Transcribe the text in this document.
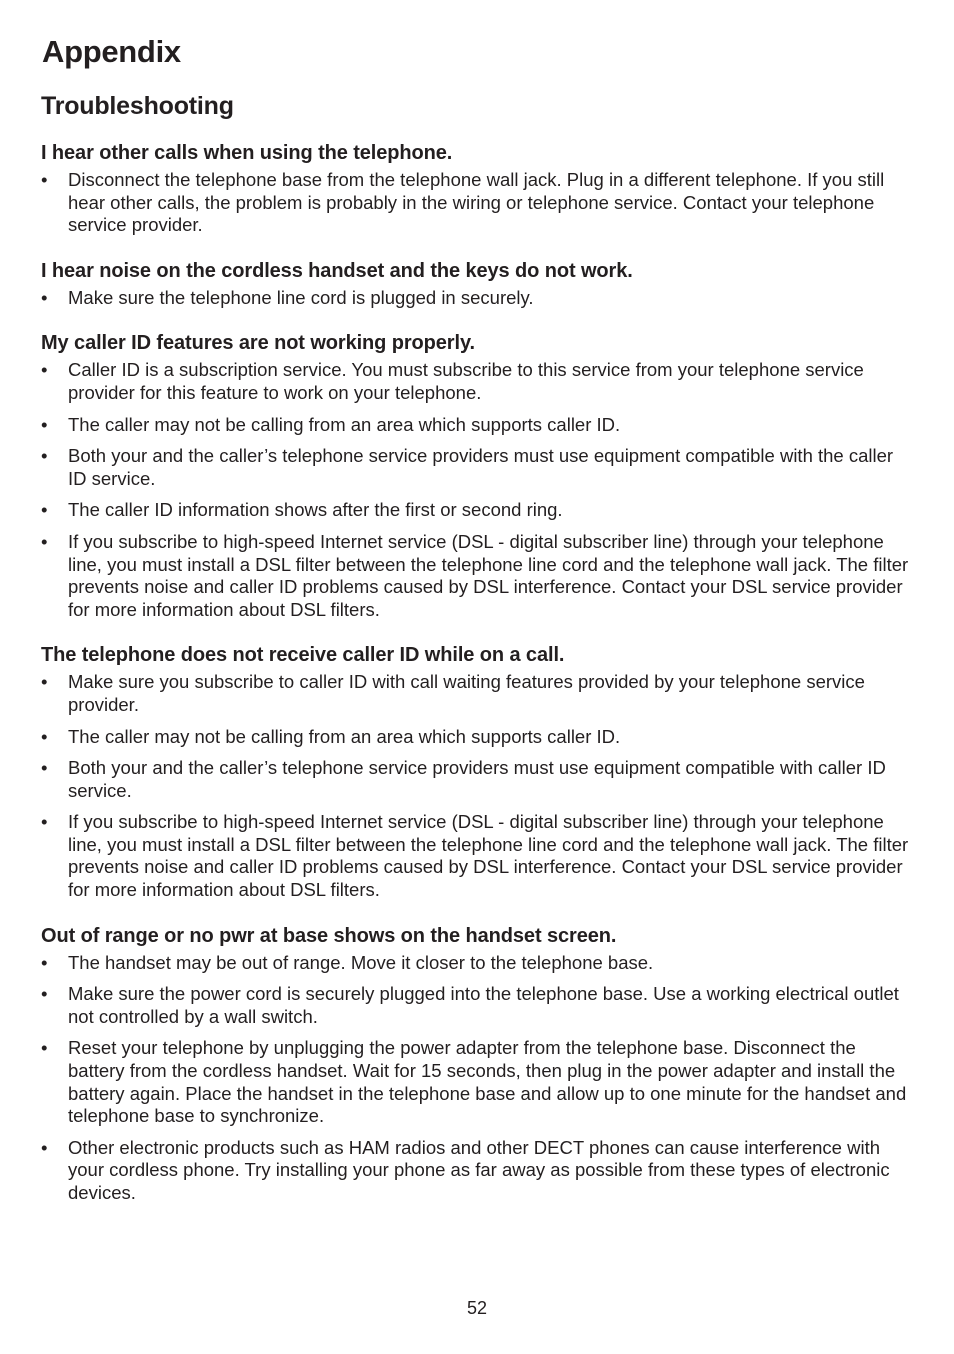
Appendix
Troubleshooting
I hear other calls when using the telephone.
• Disconnect the telephone base from the telephone wall jack. Plug in a different telephone. If you still hear other calls, the problem is probably in the wiring or telephone service. Contact your telephone service provider.
I hear noise on the cordless handset and the keys do not work.
• Make sure the telephone line cord is plugged in securely.
My caller ID features are not working properly.
• Caller ID is a subscription service. You must subscribe to this service from your telephone service provider for this feature to work on your telephone.
• The caller may not be calling from an area which supports caller ID.
• Both your and the caller’s telephone service providers must use equipment compatible with the caller ID service.
• The caller ID information shows after the first or second ring.
• If you subscribe to high-speed Internet service (DSL - digital subscriber line) through your telephone line, you must install a DSL filter between the telephone line cord and the telephone wall jack. The filter prevents noise and caller ID problems caused by DSL interference. Contact your DSL service provider for more information about DSL filters.
The telephone does not receive caller ID while on a call.
• Make sure you subscribe to caller ID with call waiting features provided by your telephone service provider.
• The caller may not be calling from an area which supports caller ID.
• Both your and the caller’s telephone service providers must use equipment compatible with caller ID service.
• If you subscribe to high-speed Internet service (DSL - digital subscriber line) through your telephone line, you must install a DSL filter between the telephone line cord and the telephone wall jack. The filter prevents noise and caller ID problems caused by DSL interference. Contact your DSL service provider for more information about DSL filters.
Out of range or no pwr at base shows on the handset screen.
• The handset may be out of range. Move it closer to the telephone base.
• Make sure the power cord is securely plugged into the telephone base. Use a working electrical outlet not controlled by a wall switch.
• Reset your telephone by unplugging the power adapter from the telephone base. Disconnect the battery from the cordless handset. Wait for 15 seconds, then plug in the power adapter and install the battery again. Place the handset in the telephone base and allow up to one minute for the handset and telephone base to synchronize.
• Other electronic products such as HAM radios and other DECT phones can cause interference with your cordless phone. Try installing your phone as far away as possible from these types of electronic devices.
52
